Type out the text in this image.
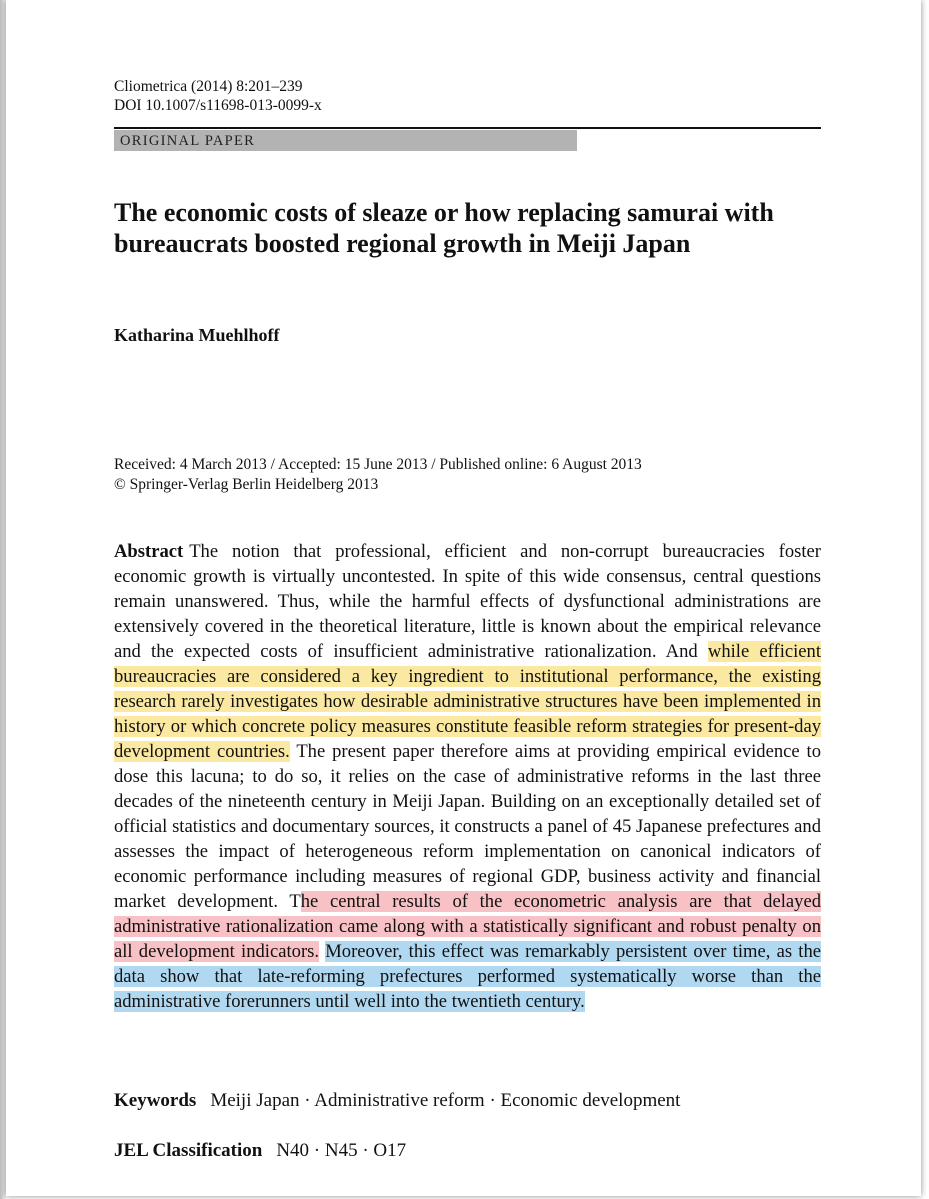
Cliometrica (2014) 8:201–239
DOI 10.1007/s11698-013-0099-x
ORIGINAL PAPER
The economic costs of sleaze or how replacing samurai with bureaucrats boosted regional growth in Meiji Japan
Katharina Muehlhoff
Received: 4 March 2013 / Accepted: 15 June 2013 / Published online: 6 August 2013
© Springer-Verlag Berlin Heidelberg 2013

Abstract The notion that professional, efficient and non-corrupt bureaucracies foster economic growth is virtually uncontested. In spite of this wide consensus, central questions remain unanswered. Thus, while the harmful effects of dysfunctional administrations are extensively covered in the theoretical literature, little is known about the empirical relevance and the expected costs of insufficient administrative rationalization. And while efficient bureaucracies are considered a key ingredient to institutional performance, the existing research rarely investigates how desirable administrative structures have been implemented in history or which concrete policy measures constitute feasible reform strategies for present-day development countries. The present paper therefore aims at providing empirical evidence to dose this lacuna; to do so, it relies on the case of administrative reforms in the last three decades of the nineteenth century in Meiji Japan. Building on an exceptionally detailed set of official statistics and documentary sources, it constructs a panel of 45 Japanese prefectures and assesses the impact of heterogeneous reform implementation on canonical indicators of economic performance including measures of regional GDP, business activity and financial market development. The central results of the econometric analysis are that delayed administrative rationalization came along with a statistically significant and robust penalty on all development indicators. Moreover, this effect was remarkably persistent over time, as the data show that late-reforming prefectures performed systematically worse than the administrative forerunners until well into the twentieth century.

Keywords Meiji Japan · Administrative reform · Economic development
JEL Classification N40 · N45 · O17
